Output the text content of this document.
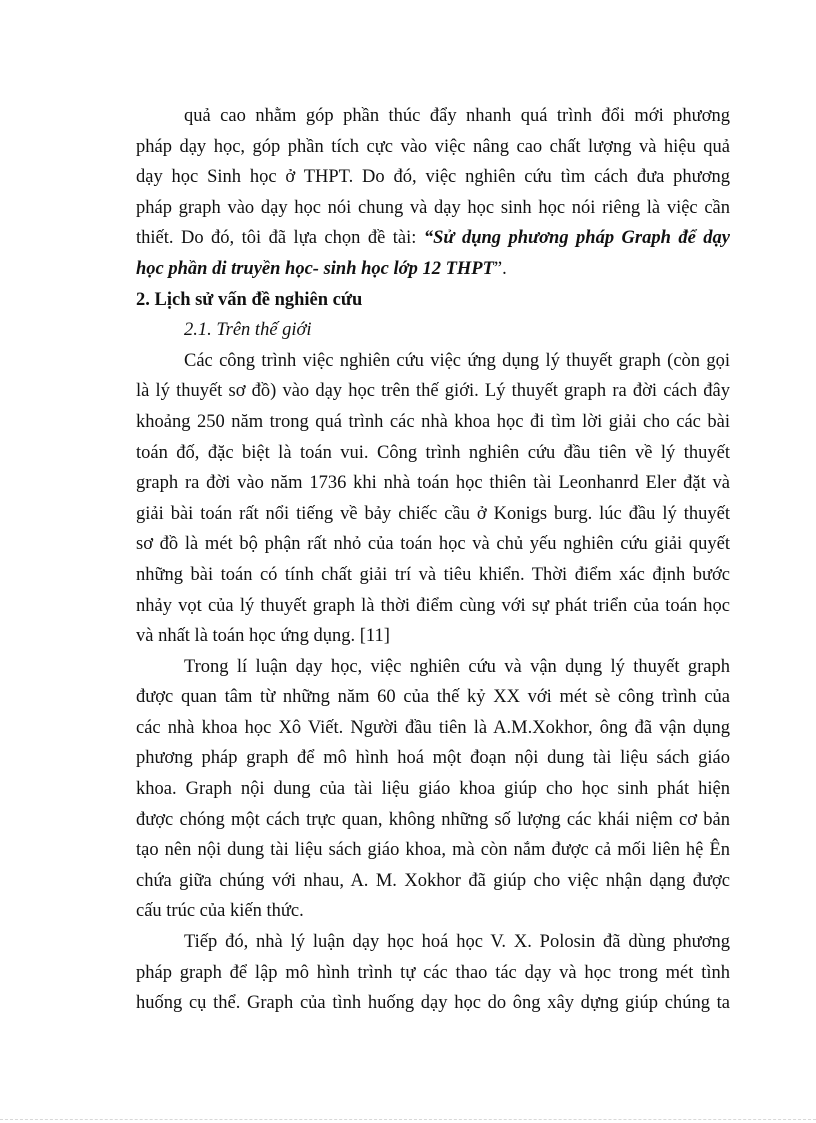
quả cao nhằm góp phần thúc đẩy nhanh quá trình đổi mới phương
pháp dạy học, góp phần tích cực vào việc nâng cao chất lượng và hiệu quả
dạy học Sinh học ở THPT. Do đó, việc nghiên cứu tìm cách đưa phương
pháp graph vào dạy học nói chung và dạy học sinh học nói riêng là việc cần
thiết. Do đó, tôi đã lựa chọn đề tài: “Sử dụng phương pháp Graph để dạy
học phần di truyền học- sinh học lớp 12 THPT”.
2. Lịch sử vấn đề nghiên cứu
2.1. Trên thế giới
Các công trình việc nghiên cứu việc ứng dụng lý thuyết graph (còn gọi
là lý thuyết sơ đồ) vào dạy học trên thế giới. Lý thuyết graph ra đời cách đây
khoảng 250 năm trong quá trình các nhà khoa học đi tìm lời giải cho các bài
toán đố, đặc biệt là toán vui. Công trình nghiên cứu đầu tiên về lý thuyết
graph ra đời vào năm 1736 khi nhà toán học thiên tài Leonhanrd Eler đặt và
giải bài toán rất nổi tiếng về bảy chiếc cầu ở Konigs burg. lúc đầu lý thuyết
sơ đồ là mét bộ phận rất nhỏ của toán học và chủ yếu nghiên cứu giải quyết
những bài toán có tính chất giải trí và tiêu khiển. Thời điểm xác định bước
nhảy vọt của lý thuyết graph là thời điểm cùng với sự phát triển của toán học
và nhất là toán học ứng dụng. [11]
Trong lí luận dạy học, việc nghiên cứu và vận dụng lý thuyết graph
được quan tâm từ những năm 60 của thế kỷ XX với mét sè công trình của
các nhà khoa học Xô Viết. Người đầu tiên là A.M.Xokhor, ông đã vận dụng
phương pháp graph để mô hình hoá một đoạn nội dung tài liệu sách giáo
khoa. Graph nội dung của tài liệu giáo khoa giúp cho học sinh phát hiện
được chóng một cách trực quan, không những số lượng các khái niệm cơ bản
tạo nên nội dung tài liệu sách giáo khoa, mà còn nắm được cả mối liên hệ Ên
chứa giữa chúng với nhau, A. M. Xokhor đã giúp cho việc nhận dạng được
cấu trúc của kiến thức.
Tiếp đó, nhà lý luận dạy học hoá học V. X. Polosin đã dùng phương
pháp graph để lập mô hình trình tự các thao tác dạy và học trong mét tình
huống cụ thể. Graph của tình huống dạy học do ông xây dựng giúp chúng ta
